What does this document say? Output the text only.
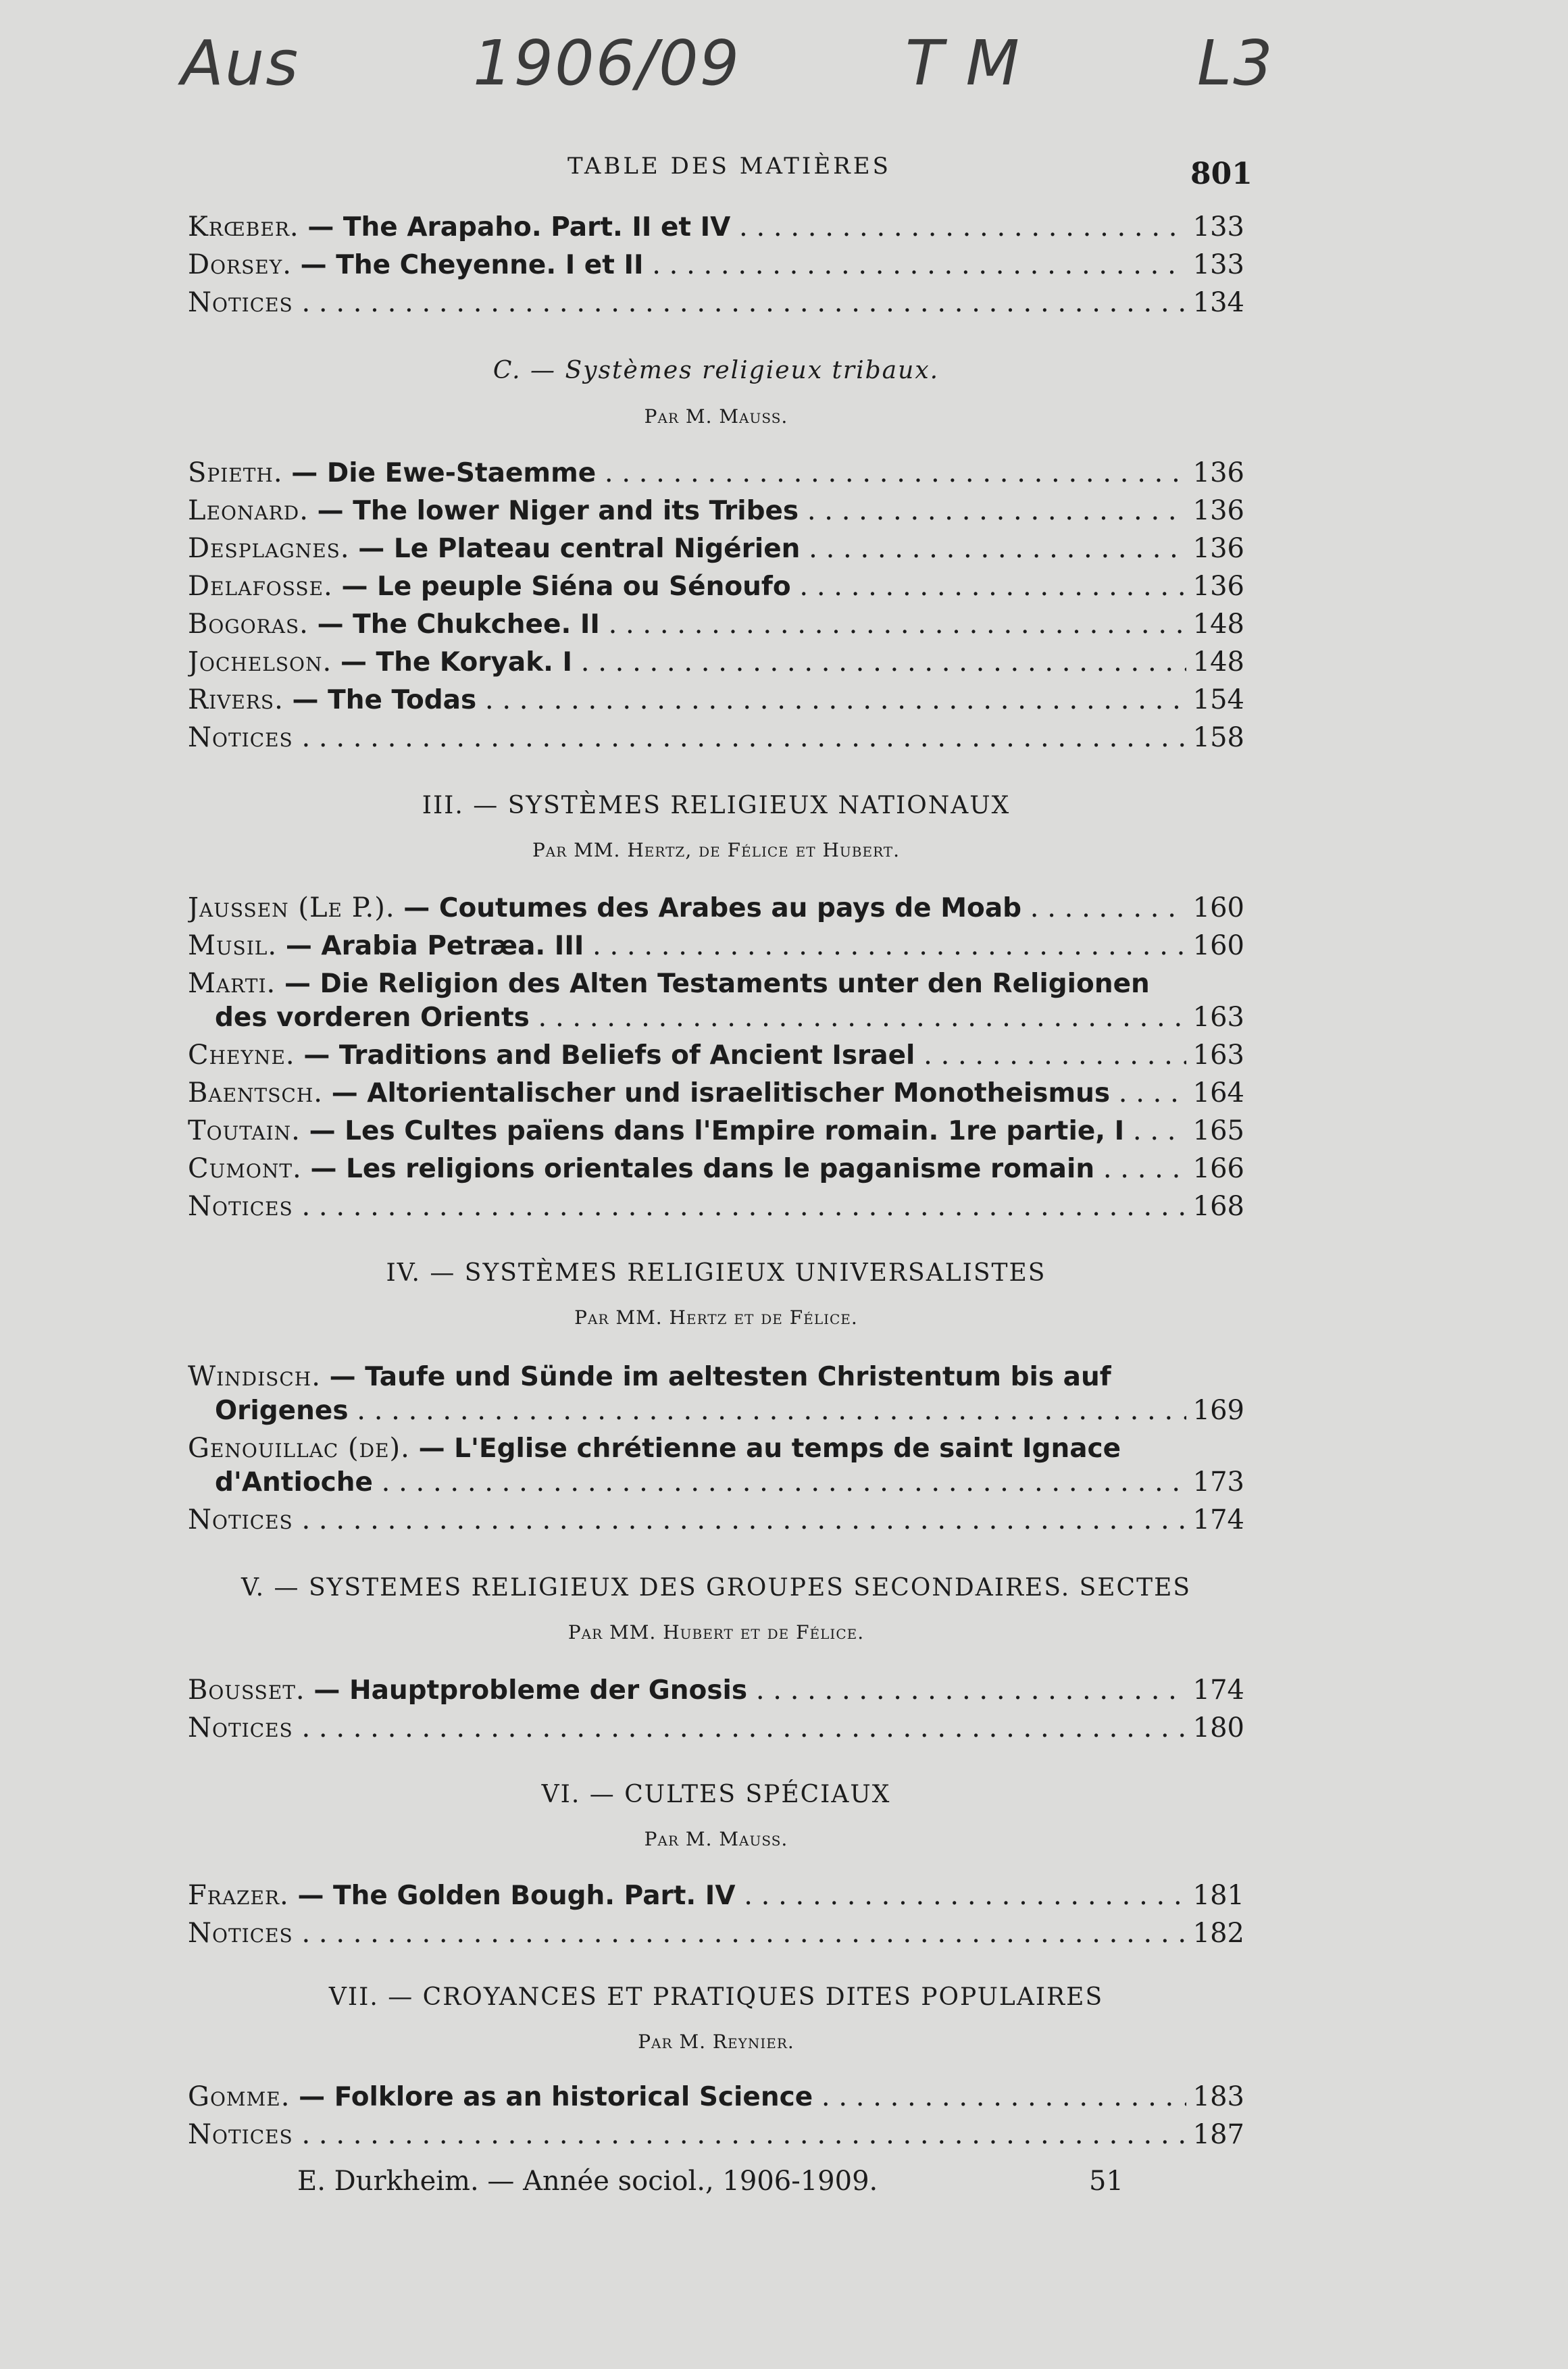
Aus	1906/09	T M	L3
TABLE DES MATIÈRES	801
Krœber. — The Arapaho. Part. II et IV . . .	133
Dorsey. — The Cheyenne. I et II . . .	133
Notices . . .	134
C. — Systèmes religieux tribaux.
Par M. Mauss.
Spieth. — Die Ewe-Staemme . . .	136
Leonard. — The lower Niger and its Tribes . . .	136
Desplagnes. — Le Plateau central Nigérien . . .	136
Delafosse. — Le peuple Siéna ou Sénoufo . . .	136
Bogoras. — The Chukchee. II . . .	148
Jochelson. — The Koryak. I . . .	148
Rivers. — The Todas . . .	154
Notices . . .	158
III. — SYSTÈMES RELIGIEUX NATIONAUX
Par MM. Hertz, de Félice et Hubert.
Jaussen (Le P.). — Coutumes des Arabes au pays de Moab . . .	160
Musil. — Arabia Petræa. III . . .	160
Marti. — Die Religion des Alten Testaments unter den Religionen
des vorderen Orients . . .	163
Cheyne. — Traditions and Beliefs of Ancient Israel . . .	163
Baentsch. — Altorientalischer und israelitischer Monotheismus . . .	164
Toutain. — Les Cultes païens dans l'Empire romain. 1re partie, I . . .	165
Cumont. — Les religions orientales dans le paganisme romain . . .	166
Notices . . .	168
IV. — SYSTÈMES RELIGIEUX UNIVERSALISTES
Par MM. Hertz et de Félice.
Windisch. — Taufe und Sünde im aeltesten Christentum bis auf
Origenes . . .	169
Genouillac (de). — L'Eglise chrétienne au temps de saint Ignace
d'Antioche . . .	173
Notices . . .	174
V. — SYSTEMES RELIGIEUX DES GROUPES SECONDAIRES. SECTES
Par MM. Hubert et de Félice.
Bousset. — Hauptprobleme der Gnosis . . .	174
Notices . . .	180
VI. — CULTES SPÉCIAUX
Par M. Mauss.
Frazer. — The Golden Bough. Part. IV . . .	181
Notices . . .	182
VII. — CROYANCES ET PRATIQUES DITES POPULAIRES
Par M. Reynier.
Gomme. — Folklore as an historical Science . . .	183
Notices . . .	187
E. Durkheim. — Année sociol., 1906-1909.	51
